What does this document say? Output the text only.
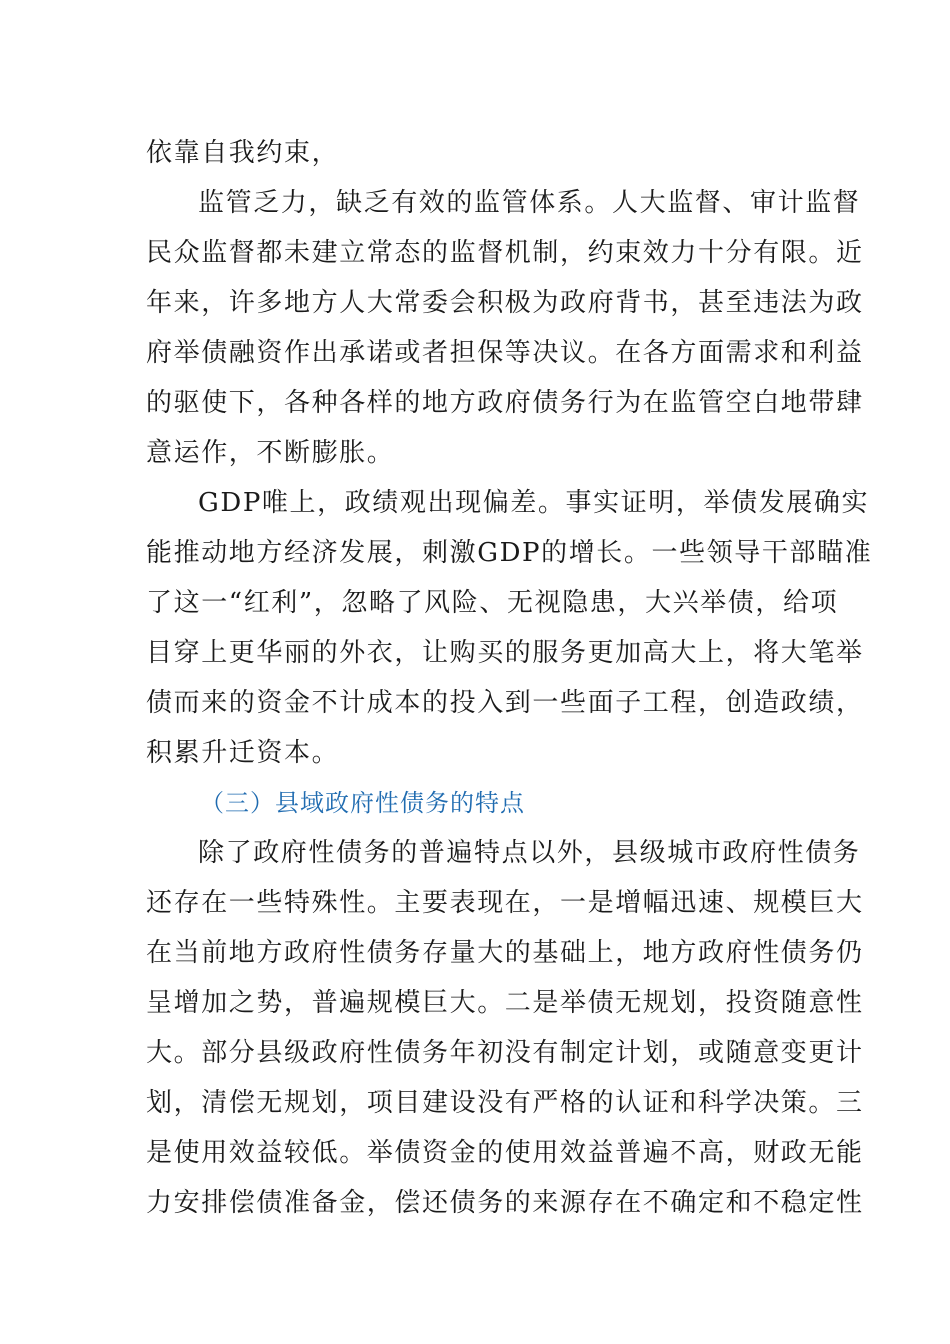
依靠自我约束，
监管乏力，缺乏有效的监管体系。人大监督、审计监督
民众监督都未建立常态的监督机制，约束效力十分有限。近
年来，许多地方人大常委会积极为政府背书，甚至违法为政
府举债融资作出承诺或者担保等决议。在各方面需求和利益
的驱使下，各种各样的地方政府债务行为在监管空白地带肆
意运作，不断膨胀。
GDP唯上，政绩观出现偏差。事实证明，举债发展确实
能推动地方经济发展，刺激GDP的增长。一些领导干部瞄准
了这一“红利”，忽略了风险、无视隐患，大兴举债，给项
目穿上更华丽的外衣，让购买的服务更加高大上，将大笔举
债而来的资金不计成本的投入到一些面子工程，创造政绩，
积累升迁资本。
（三）县域政府性债务的特点
除了政府性债务的普遍特点以外，县级城市政府性债务
还存在一些特殊性。主要表现在，一是增幅迅速、规模巨大
在当前地方政府性债务存量大的基础上，地方政府性债务仍
呈增加之势，普遍规模巨大。二是举债无规划，投资随意性
大。部分县级政府性债务年初没有制定计划，或随意变更计
划，清偿无规划，项目建设没有严格的认证和科学决策。三
是使用效益较低。举债资金的使用效益普遍不高，财政无能
力安排偿债准备金，偿还债务的来源存在不确定和不稳定性
